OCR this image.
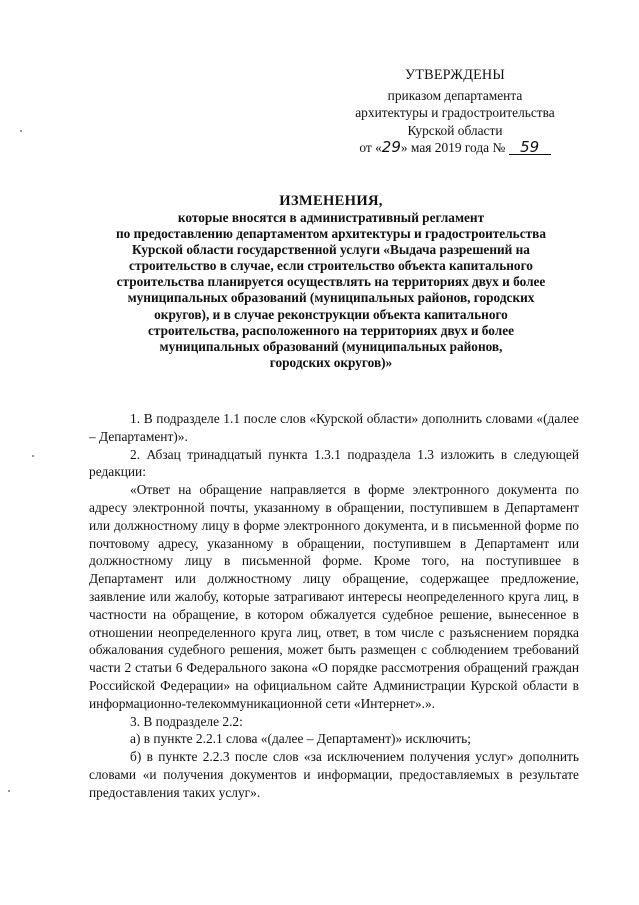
УТВЕРЖДЕНЫ
приказом департамента
архитектуры и градостроительства
Курской области
от «29» мая 2019 года № 59
ИЗМЕНЕНИЯ,
которые вносятся в административный регламент
по предоставлению департаментом архитектуры и градостроительства
Курской области государственной услуги «Выдача разрешений на
строительство в случае, если строительство объекта капитального
строительства планируется осуществлять на территориях двух и более
муниципальных образований (муниципальных районов, городских
округов), и в случае реконструкции объекта капитального
строительства, расположенного на территориях двух и более
муниципальных образований (муниципальных районов,
городских округов)»

1. В подразделе 1.1 после слов «Курской области» дополнить словами «(далее – Департамент)».

2. Абзац тринадцатый пункта 1.3.1 подраздела 1.3 изложить в следующей редакции:

«Ответ на обращение направляется в форме электронного документа по адресу электронной почты, указанному в обращении, поступившем в Департамент или должностному лицу в форме электронного документа, и в письменной форме по почтовому адресу, указанному в обращении, поступившем в Департамент или должностному лицу в письменной форме. Кроме того, на поступившее в Департамент или должностному лицу обращение, содержащее предложение, заявление или жалобу, которые затрагивают интересы неопределенного круга лиц, в частности на обращение, в котором обжалуется судебное решение, вынесенное в отношении неопределенного круга лиц, ответ, в том числе с разъяснением порядка обжалования судебного решения, может быть размещен с соблюдением требований части 2 статьи 6 Федерального закона «О порядке рассмотрения обращений граждан Российской Федерации» на официальном сайте Администрации Курской области в информационно-телекоммуникационной сети «Интернет».».

3. В подразделе 2.2:

а) в пункте 2.2.1 слова «(далее – Департамент)» исключить;

б) в пункте 2.2.3 после слов «за исключением получения услуг» дополнить словами «и получения документов и информации, предоставляемых в результате предоставления таких услуг».
